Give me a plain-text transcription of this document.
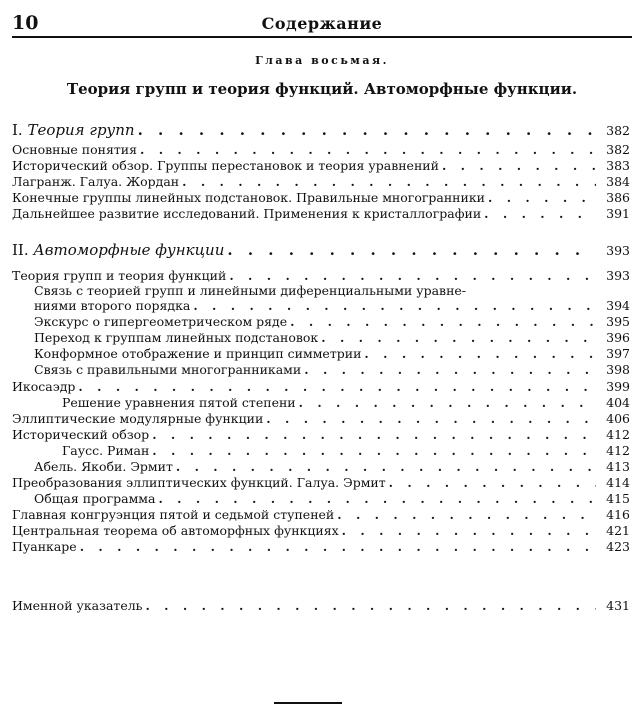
10	Содержание
Глава восьмая.
Теория групп и теория функций. Автоморфные функции.
I. Теория групп . . .	382
Основные понятия . . .	382
Исторический обзор. Группы перестановок и теория уравнений . . .	383
Лагранж. Галуа. Жордан . . .	384
Конечные группы линейных подстановок. Правильные многогранники . . .	386
Дальнейшее развитие исследований. Применения к кристаллографии . . .	391
II. Автоморфные функции . . .	393
Теория групп и теория функций . . .	393
Связь с теорией групп и линейными диференциальными уравне-
ниями второго порядка . . .	394
Экскурс о гипергеометрическом ряде . . .	395
Переход к группам линейных подстановок . . .	396
Конформное отображение и принцип симметрии . . .	397
Связь с правильными многогранниками . . .	398
Икосаэдр . . .	399
Решение уравнения пятой степени . . .	404
Эллиптические модулярные функции . . .	406
Исторический обзор . . .	412
Гаусс. Риман . . .	412
Абель. Якоби. Эрмит . . .	413
Преобразования эллиптических функций. Галуа. Эрмит . . .	414
Общая программа . . .	415
Главная конгруэнция пятой и седьмой ступеней . . .	416
Центральная теорема об автоморфных функциях . . .	421
Пуанкаре . . .	423
Именной указатель . . .	431
